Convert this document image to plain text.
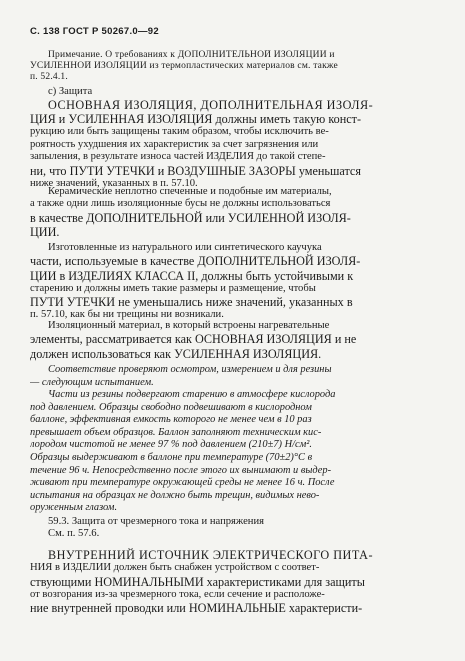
С. 138 ГОСТ Р 50267.0—92
Примечание. О требованиях к ДОПОЛНИТЕЛЬНОЙ ИЗОЛЯЦИИ и
УСИЛЕННОЙ ИЗОЛЯЦИИ из термопластических материалов см. также
п. 52.4.1.
с) Защита
ОСНОВНАЯ ИЗОЛЯЦИЯ, ДОПОЛНИТЕЛЬНАЯ ИЗОЛЯ-
ЦИЯ и УСИЛЕННАЯ ИЗОЛЯЦИЯ должны иметь такую конст-
рукцию или быть защищены таким образом, чтобы исключить ве-
роятность ухудшения их характеристик за счет загрязнения или
запыления, в результате износа частей ИЗДЕЛИЯ до такой степе-
ни, что ПУТИ УТЕЧКИ и ВОЗДУШНЫЕ ЗАЗОРЫ уменьшатся
ниже значений, указанных в п. 57.10.
Керамические неплотно спеченные и подобные им материалы,
а также одни лишь изоляционные бусы не должны использоваться
в качестве ДОПОЛНИТЕЛЬНОЙ или УСИЛЕННОЙ ИЗОЛЯ-
ЦИИ.
Изготовленные из натурального или синтетического каучука
части, используемые в качестве ДОПОЛНИТЕЛЬНОЙ ИЗОЛЯ-
ЦИИ в ИЗДЕЛИЯХ КЛАССА II, должны быть устойчивыми к
старению и должны иметь такие размеры и размещение, чтобы
ПУТИ УТЕЧКИ не уменьшались ниже значений, указанных в
п. 57.10, как бы ни трещины ни возникали.
Изоляционный материал, в который встроены нагревательные
элементы, рассматривается как ОСНОВНАЯ ИЗОЛЯЦИЯ и не
должен использоваться как УСИЛЕННАЯ ИЗОЛЯЦИЯ.
Соответствие проверяют осмотром, измерением и для резины
— следующим испытанием.
Части из резины подвергают старению в атмосфере кислорода
под давлением. Образцы свободно подвешивают в кислородном
баллоне, эффективная емкость которого не менее чем в 10 раз
превышает объем образцов. Баллон заполняют техническим кис-
лородом чистотой не менее 97 % под давлением (210±7) Н/см².
Образцы выдерживают в баллоне при температуре (70±2)°С в
течение 96 ч. Непосредственно после этого их вынимают и выдер-
живают при температуре окружающей среды не менее 16 ч. После
испытания на образцах не должно быть трещин, видимых нево-
оруженным глазом.
59.3. Защита от чрезмерного тока и напряжения
См. п. 57.6.
ВНУТРЕННИЙ ИСТОЧНИК ЭЛЕКТРИЧЕСКОГО ПИТА-
НИЯ в ИЗДЕЛИИ должен быть снабжен устройством с соответ-
ствующими НОМИНАЛЬНЫМИ характеристиками для защиты
от возгорания из-за чрезмерного тока, если сечение и расположе-
ние внутренней проводки или НОМИНАЛЬНЫЕ характеристи-
